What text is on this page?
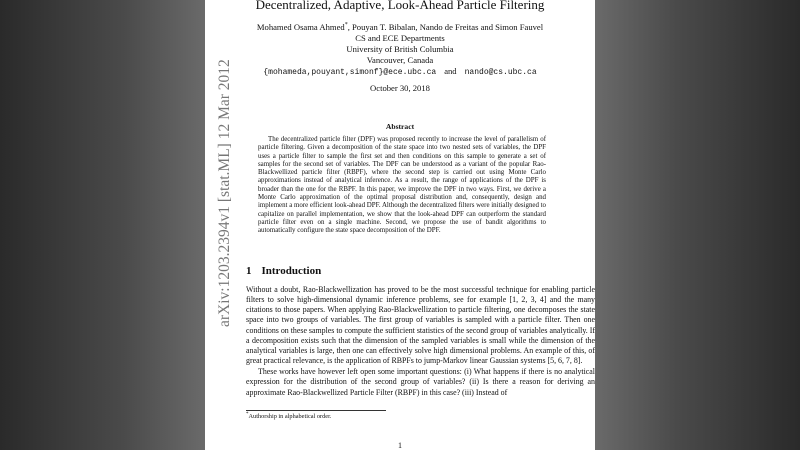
arXiv:1203.2394v1 [stat.ML] 12 Mar 2012
Decentralized, Adaptive, Look-Ahead Particle Filtering
Mohamed Osama Ahmed*, Pouyan T. Bibalan, Nando de Freitas and Simon Fauvel
CS and ECE Departments
University of British Columbia
Vancouver, Canada
{mohameda,pouyant,simonf}@ece.ubc.ca and nando@cs.ubc.ca
October 30, 2018
Abstract
The decentralized particle filter (DPF) was proposed recently to increase the level of parallelism of particle filtering. Given a decomposition of the state space into two nested sets of variables, the DPF uses a particle filter to sample the first set and then conditions on this sample to generate a set of samples for the second set of variables. The DPF can be understood as a variant of the popular Rao-Blackwellized particle filter (RBPF), where the second step is carried out using Monte Carlo approximations instead of analytical inference. As a result, the range of applications of the DPF is broader than the one for the RBPF. In this paper, we improve the DPF in two ways. First, we derive a Monte Carlo approximation of the optimal proposal distribution and, consequently, design and implement a more efficient look-ahead DPF. Although the decentralized filters were initially designed to capitalize on parallel implementation, we show that the look-ahead DPF can outperform the standard particle filter even on a single machine. Second, we propose the use of bandit algorithms to automatically configure the state space decomposition of the DPF.
1 Introduction

Without a doubt, Rao-Blackwellization has proved to be the most successful technique for enabling particle filters to solve high-dimensional dynamic inference problems, see for example [1, 2, 3, 4] and the many citations to those papers. When applying Rao-Blackwellization to particle filtering, one decomposes the state space into two groups of variables. The first group of variables is sampled with a particle filter. Then one conditions on these samples to compute the sufficient statistics of the second group of variables analytically. If a decomposition exists such that the dimension of the sampled variables is small while the dimension of the analytical variables is large, then one can effectively solve high dimensional problems. An example of this, of great practical relevance, is the application of RBPFs to jump-Markov linear Gaussian systems [5, 6, 7, 8].

These works have however left open some important questions: (i) What happens if there is no analytical expression for the distribution of the second group of variables? (ii) Is there a reason for deriving an approximate Rao-Blackwellized Particle Filter (RBPF) in this case? (iii) Instead of

*Authorship in alphabetical order.
1
